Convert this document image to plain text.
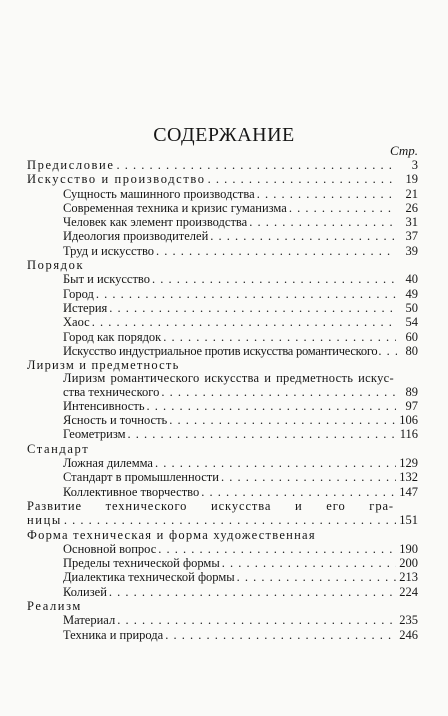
СОДЕРЖАНИЕ
Стр.
Предисловие . . .	3
Искусство и производство . . .	19
Сущность машинного производства . . .	21
Современная техника и кризис гуманизма . . .	26
Человек как элемент производства . . .	31
Идеология производителей . . .	37
Труд и искусство . . .	39
Порядок
Быт и искусство . . .	40
Город . . .	49
Истерия . . .	50
Хаос . . .	54
Город как порядок . . .	60
Искусство индустриальное против искусства романтического . . .	80
Лиризм и предметность
Лиризм романтического искусства и предметность искус-
ства технического . . .	89
Интенсивность . . .	97
Ясность и точность . . .	106
Геометризм . . .	116
Стандарт
Ложная дилемма . . .	129
Стандарт в промышленности . . .	132
Коллективное творчество . . .	147
Развитие технического искусства и его гра-
ницы . . .	151
Форма техническая и форма художественная
Основной вопрос . . .	190
Пределы технической формы . . .	200
Диалектика технической формы . . .	213
Колизей . . .	224
Реализм
Материал . . .	235
Техника и природа . . .	246
